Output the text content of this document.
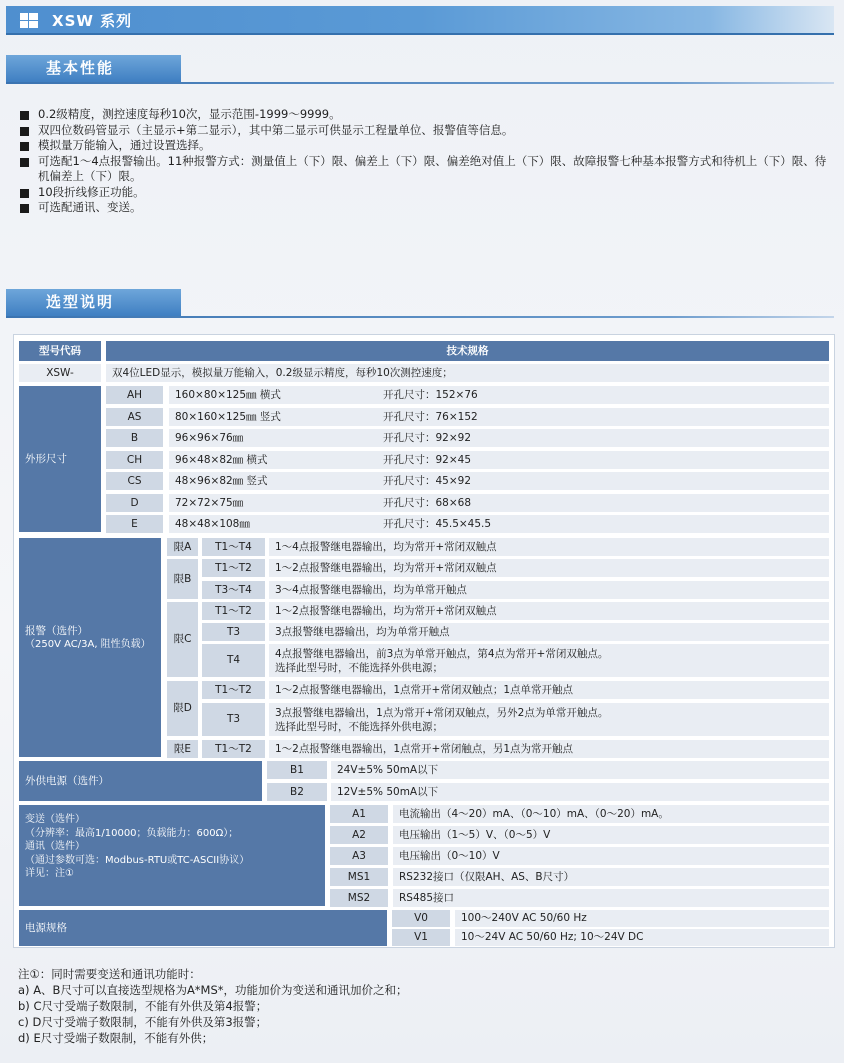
XSW 系列
基本性能
0.2级精度，测控速度每秒10次，显示范围-1999～9999。
双四位数码管显示（主显示+第二显示），其中第二显示可供显示工程量单位、报警值等信息。
模拟量万能输入，通过设置选择。
可选配1～4点报警输出。11种报警方式：测量值上（下）限、偏差上（下）限、偏差绝对值上（下）限、故障报警七种基本报警方式和待机上（下）限、待机偏差上（下）限。
10段折线修正功能。
可选配通讯、变送。
选型说明
型号代码	技术规格
XSW-	双4位LED显示，模拟量万能输入，0.2级显示精度，每秒10次测控速度；
外形尺寸
AH	160×80×125㎜ 横式	开孔尺寸：152×76
AS	80×160×125㎜ 竖式	开孔尺寸：76×152
B	96×96×76㎜	开孔尺寸：92×92
CH	96×48×82㎜ 横式	开孔尺寸：92×45
CS	48×96×82㎜ 竖式	开孔尺寸：45×92
D	72×72×75㎜	开孔尺寸：68×68
E	48×48×108㎜	开孔尺寸：45.5×45.5
报警（选件）
（250V AC/3A, 阻性负载）
限A	T1～T4	1～4点报警继电器输出，均为常开+常闭双触点
限B
T1～T2	1～2点报警继电器输出，均为常开+常闭双触点
T3～T4	3～4点报警继电器输出，均为单常开触点
限C
T1～T2	1～2点报警继电器输出，均为常开+常闭双触点
T3	3点报警继电器输出，均为单常开触点
T4	4点报警继电器输出，前3点为单常开触点，第4点为常开+常闭双触点。
选择此型号时，不能选择外供电源；
限D
T1～T2	1～2点报警继电器输出，1点常开+常闭双触点；1点单常开触点
T3	3点报警继电器输出，1点为常开+常闭双触点，另外2点为单常开触点。
选择此型号时，不能选择外供电源；
限E	T1～T2	1～2点报警继电器输出，1点常开+常闭触点，另1点为常开触点
外供电源（选件）
B1	24V±5% 50mA以下
B2	12V±5% 50mA以下
变送（选件）
（分辨率：最高1/10000；负载能力：600Ω）；
通讯（选件）
（通过参数可选：Modbus-RTU或TC-ASCII协议）
详见：注①
A1	电流输出（4～20）mA、（0～10）mA、（0～20）mA。
A2	电压输出（1～5）V、（0～5）V
A3	电压输出（0～10）V
MS1	RS232接口（仅限AH、AS、B尺寸）
MS2	RS485接口
电源规格
V0	100～240V AC 50/60 Hz
V1	10～24V AC 50/60 Hz; 10～24V DC
注①：同时需要变送和通讯功能时：
a) A、B尺寸可以直接选型规格为A*MS*，功能加价为变送和通讯加价之和；
b) C尺寸受端子数限制，不能有外供及第4报警；
c) D尺寸受端子数限制，不能有外供及第3报警；
d) E尺寸受端子数限制，不能有外供；
